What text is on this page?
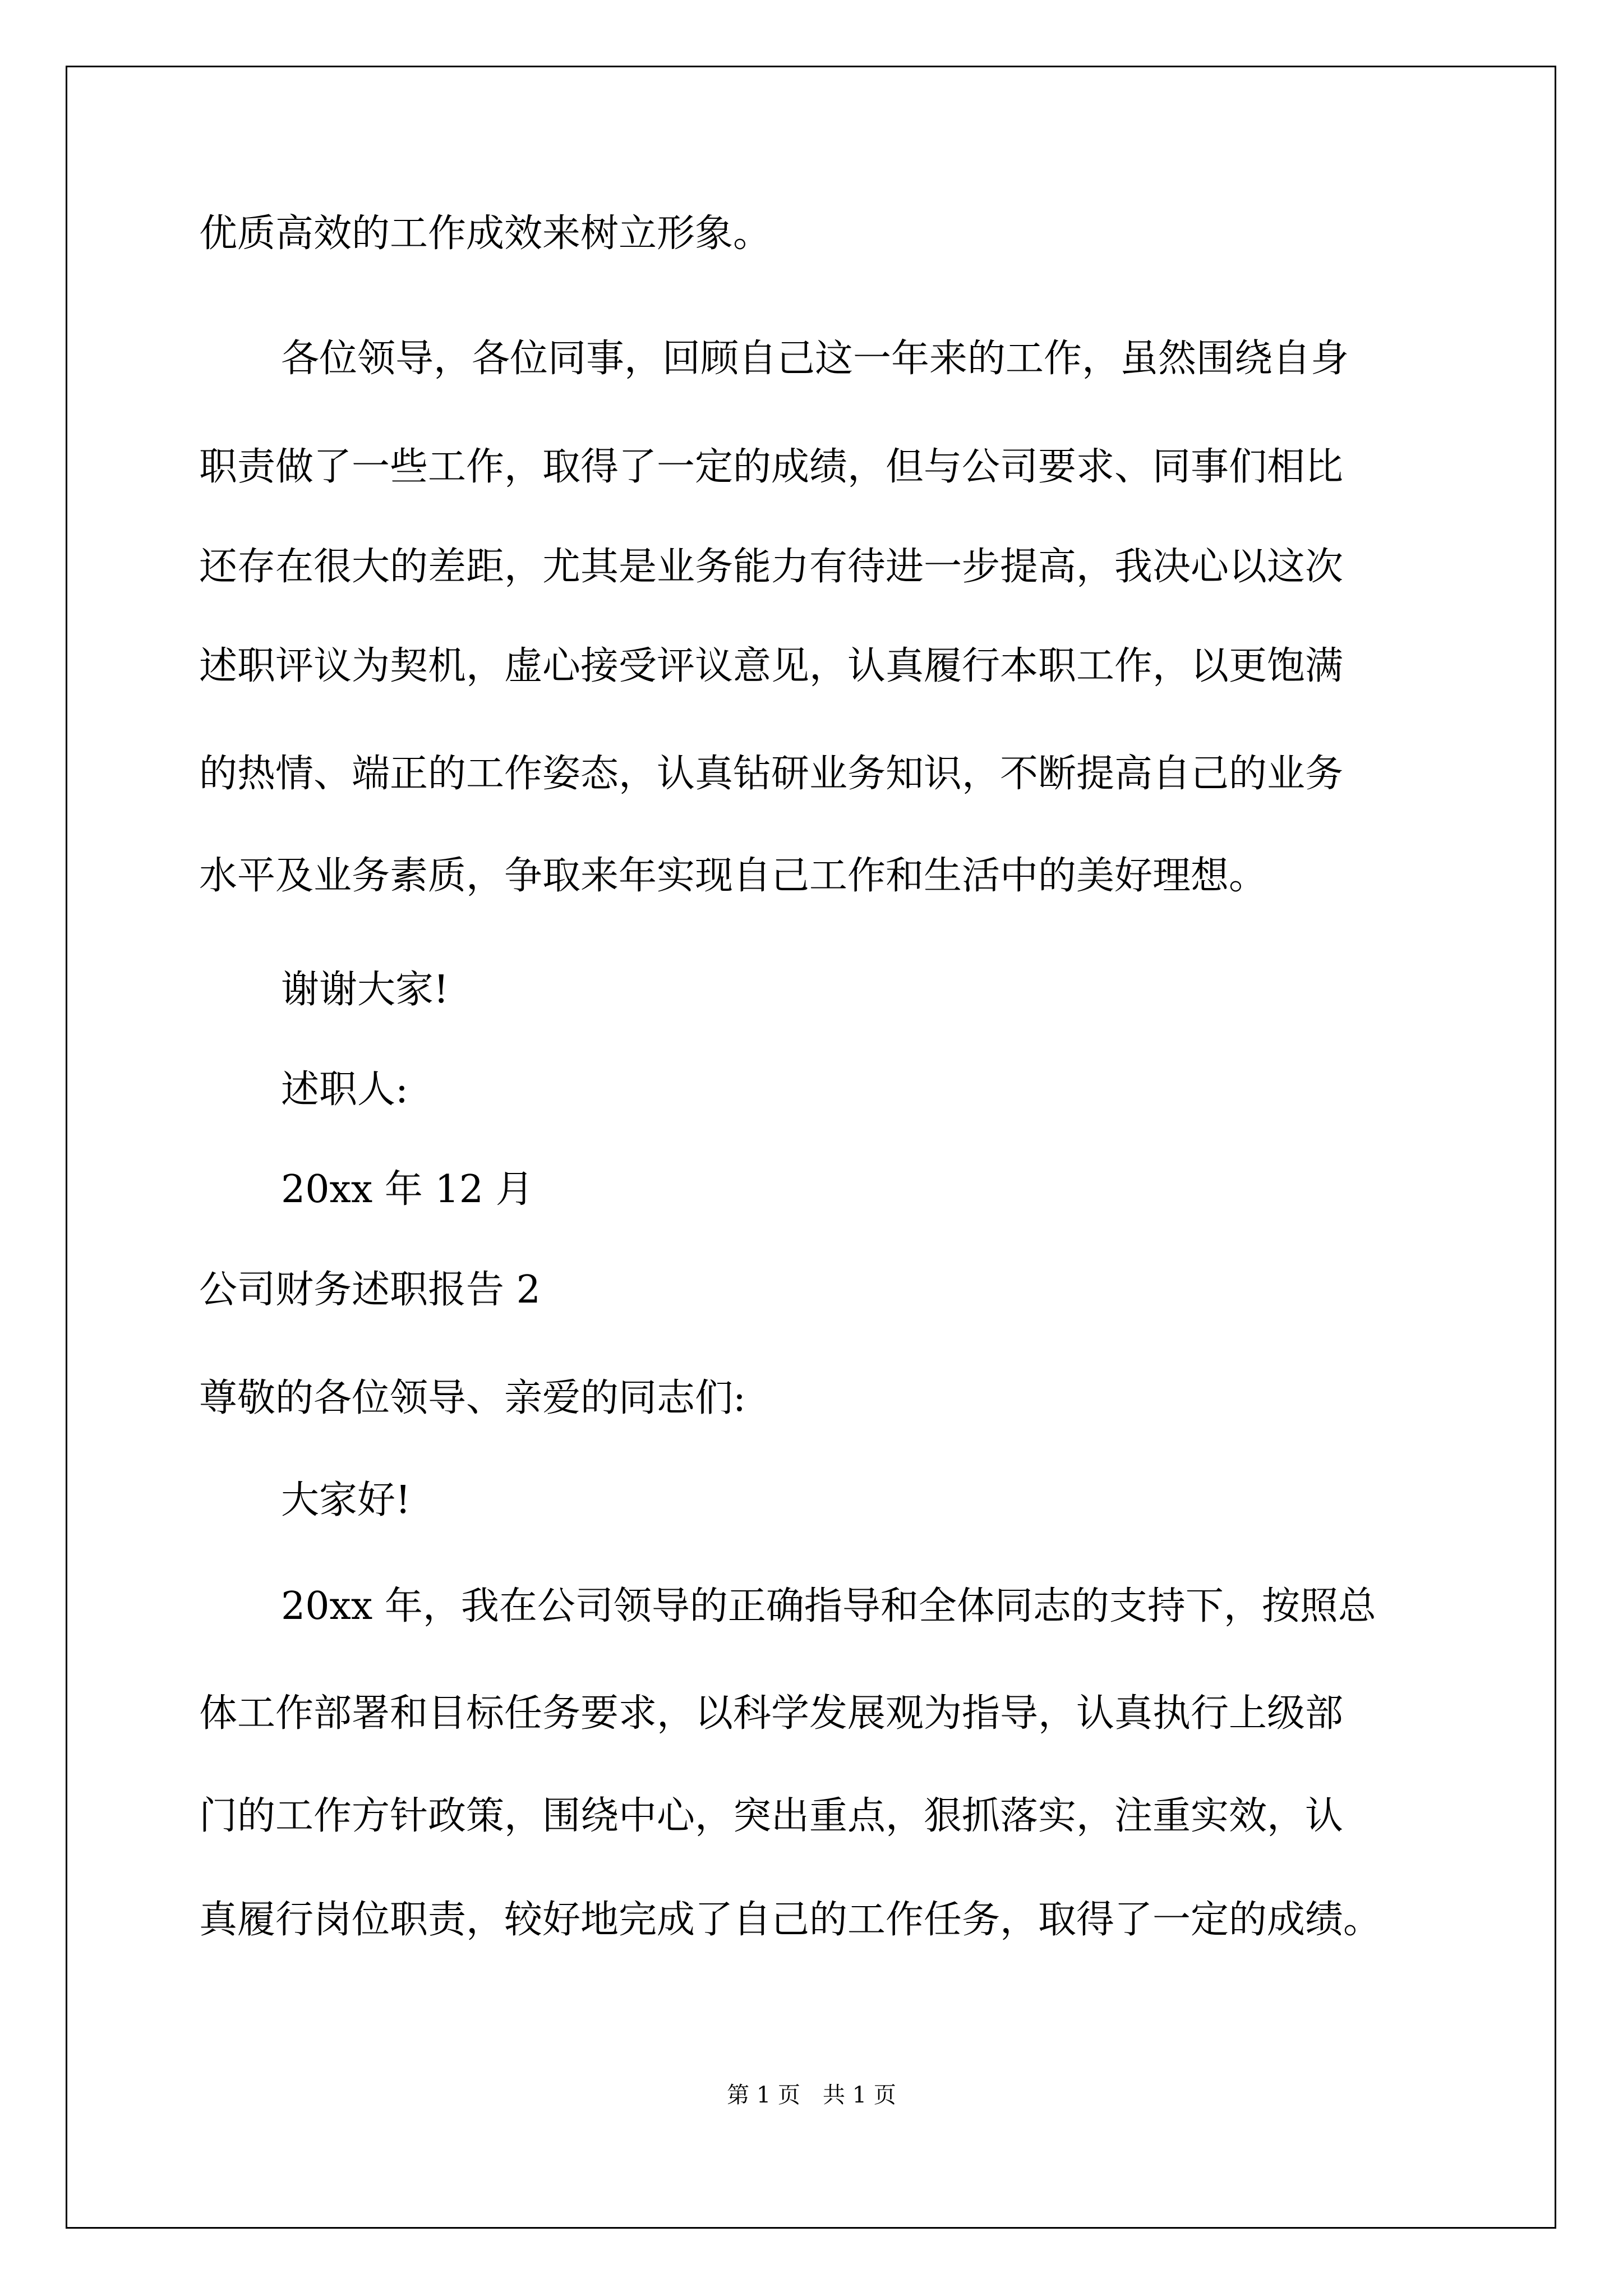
优质高效的工作成效来树立形象。
各位领导，各位同事，回顾自己这一年来的工作，虽然围绕自身
职责做了一些工作，取得了一定的成绩，但与公司要求、同事们相比
还存在很大的差距，尤其是业务能力有待进一步提高，我决心以这次
述职评议为契机，虚心接受评议意见，认真履行本职工作，以更饱满
的热情、端正的工作姿态，认真钻研业务知识，不断提高自己的业务
水平及业务素质，争取来年实现自己工作和生活中的美好理想。
谢谢大家!
述职人:
20xx 年 12 月
公司财务述职报告 2
尊敬的各位领导、亲爱的同志们:
大家好!
20xx 年，我在公司领导的正确指导和全体同志的支持下，按照总
体工作部署和目标任务要求，以科学发展观为指导，认真执行上级部
门的工作方针政策，围绕中心，突出重点，狠抓落实，注重实效，认
真履行岗位职责，较好地完成了自己的工作任务，取得了一定的成绩。
第 1 页　共 1 页
